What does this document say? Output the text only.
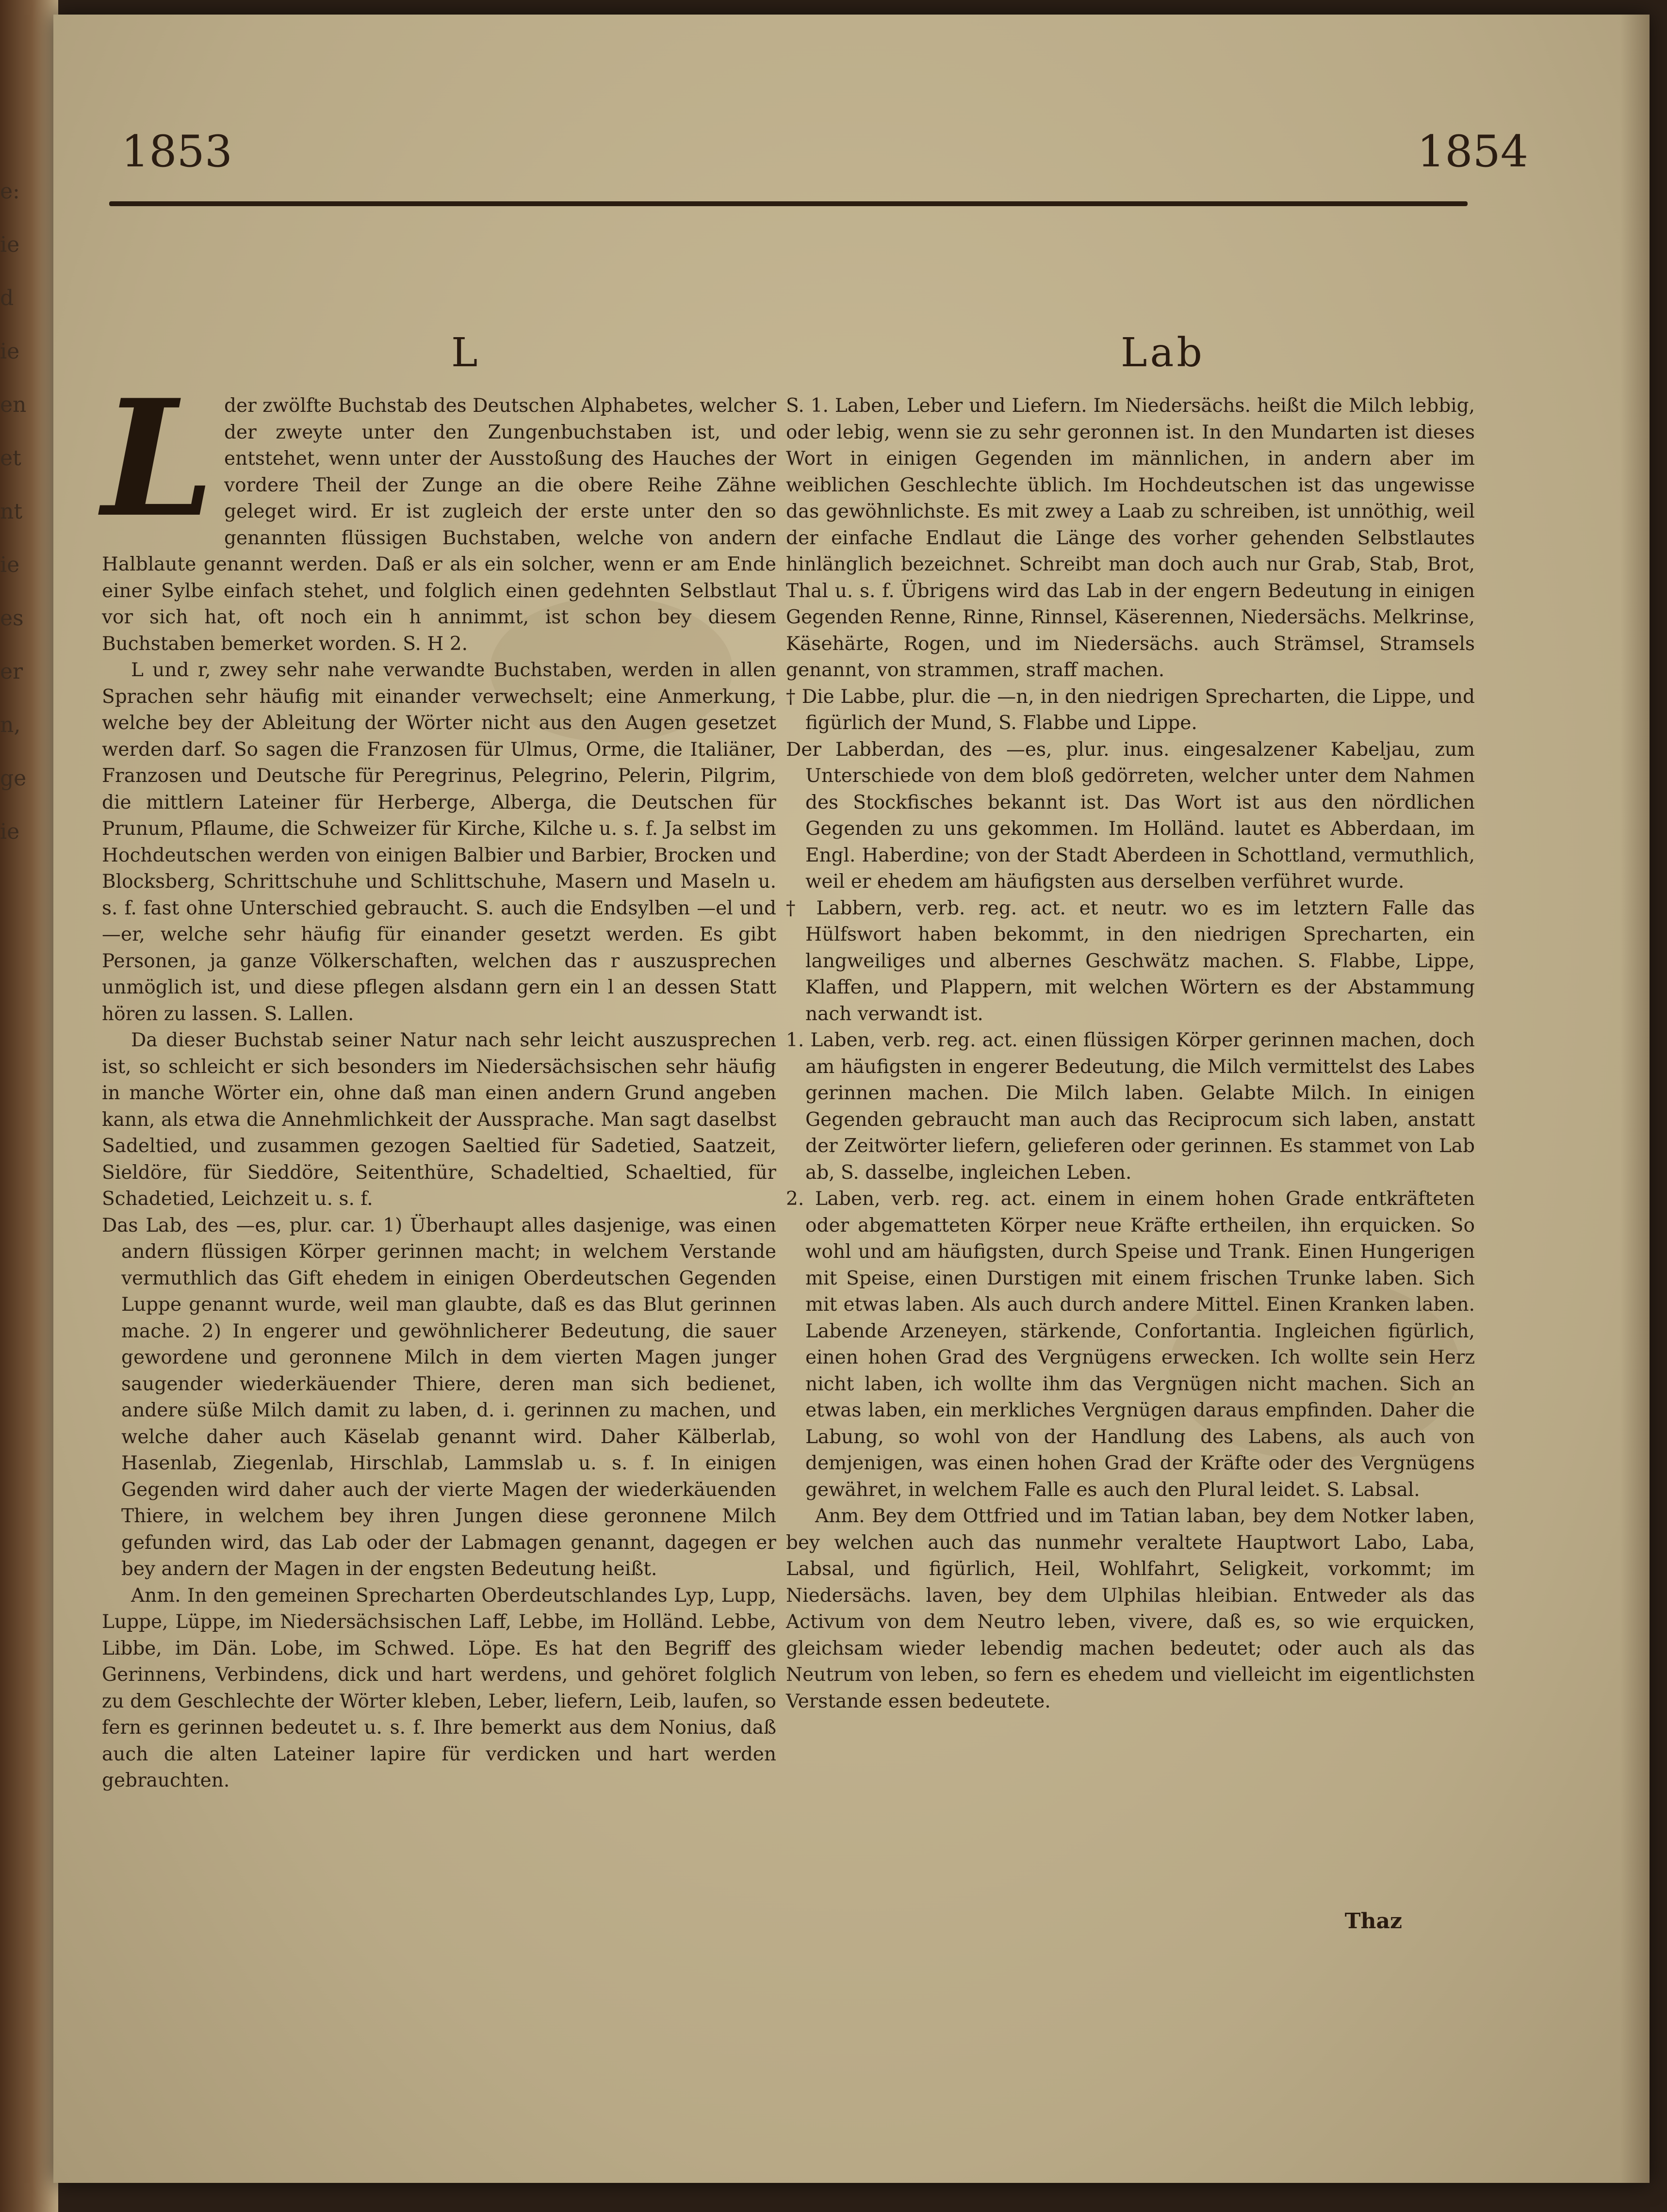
e:
ie
d
ie
en
et
nt
ie
es
er
n,
ge
ie
1853	1854
L	Lab
L der zwölfte Buchstab des Deutschen Alphabetes, welcher der zweyte unter den Zungenbuchstaben ist, und entstehet, wenn unter der Ausstoßung des Hauches der vordere Theil der Zunge an die obere Reihe Zähne geleget wird. Er ist zugleich der erste unter den so genannten flüssigen Buchstaben, welche von andern Halblaute genannt werden. Daß er als ein solcher, wenn er am Ende einer Sylbe einfach stehet, und folglich einen gedehnten Selbstlaut vor sich hat, oft noch ein h annimmt, ist schon bey diesem Buchstaben bemerket worden. S. H 2.

L und r, zwey sehr nahe verwandte Buchstaben, werden in allen Sprachen sehr häufig mit einander verwechselt; eine Anmerkung, welche bey der Ableitung der Wörter nicht aus den Augen gesetzet werden darf. So sagen die Franzosen für Ulmus, Orme, die Italiäner, Franzosen und Deutsche für Peregrinus, Pelegrino, Pelerin, Pilgrim, die mittlern Lateiner für Herberge, Alberga, die Deutschen für Prunum, Pflaume, die Schweizer für Kirche, Kilche u. s. f. Ja selbst im Hochdeutschen werden von einigen Balbier und Barbier, Brocken und Blocksberg, Schrittschuhe und Schlittschuhe, Masern und Maseln u. s. f. fast ohne Unterschied gebraucht. S. auch die Endsylben —el und —er, welche sehr häufig für einander gesetzt werden. Es gibt Personen, ja ganze Völkerschaften, welchen das r auszusprechen unmöglich ist, und diese pflegen alsdann gern ein l an dessen Statt hören zu lassen. S. Lallen.

Da dieser Buchstab seiner Natur nach sehr leicht auszusprechen ist, so schleicht er sich besonders im Niedersächsischen sehr häufig in manche Wörter ein, ohne daß man einen andern Grund angeben kann, als etwa die Annehmlichkeit der Aussprache. Man sagt daselbst Sadeltied, und zusammen gezogen Saeltied für Sadetied, Saatzeit, Sieldöre, für Sieddöre, Seitenthüre, Schadeltied, Schaeltied, für Schadetied, Leichzeit u. s. f.

Das Lab, des —es, plur. car. 1) Überhaupt alles dasjenige, was einen andern flüssigen Körper gerinnen macht; in welchem Verstande vermuthlich das Gift ehedem in einigen Oberdeutschen Gegenden Luppe genannt wurde, weil man glaubte, daß es das Blut gerinnen mache. 2) In engerer und gewöhnlicherer Bedeutung, die sauer gewordene und geronnene Milch in dem vierten Magen junger saugender wiederkäuender Thiere, deren man sich bedienet, andere süße Milch damit zu laben, d. i. gerinnen zu machen, und welche daher auch Käselab genannt wird. Daher Kälberlab, Hasenlab, Ziegenlab, Hirschlab, Lammslab u. s. f. In einigen Gegenden wird daher auch der vierte Magen der wiederkäuenden Thiere, in welchem bey ihren Jungen diese geronnene Milch gefunden wird, das Lab oder der Labmagen genannt, dagegen er bey andern der Magen in der engsten Bedeutung heißt.

Anm. In den gemeinen Sprecharten Oberdeutschlandes Lyp, Lupp, Luppe, Lüppe, im Niedersächsischen Laff, Lebbe, im Holländ. Lebbe, Libbe, im Dän. Lobe, im Schwed. Löpe. Es hat den Begriff des Gerinnens, Verbindens, dick und hart werdens, und gehöret folglich zu dem Geschlechte der Wörter kleben, Leber, liefern, Leib, laufen, so fern es gerinnen bedeutet u. s. f. Ihre bemerkt aus dem Nonius, daß auch die alten Lateiner lapire für verdicken und hart werden gebrauchten.

S. 1. Laben, Leber und Liefern. Im Niedersächs. heißt die Milch lebbig, oder lebig, wenn sie zu sehr geronnen ist. In den Mundarten ist dieses Wort in einigen Gegenden im männlichen, in andern aber im weiblichen Geschlechte üblich. Im Hochdeutschen ist das ungewisse das gewöhnlichste. Es mit zwey a Laab zu schreiben, ist unnöthig, weil der einfache Endlaut die Länge des vorher gehenden Selbstlautes hinlänglich bezeichnet. Schreibt man doch auch nur Grab, Stab, Brot, Thal u. s. f. Übrigens wird das Lab in der engern Bedeutung in einigen Gegenden Renne, Rinne, Rinnsel, Käserennen, Niedersächs. Melkrinse, Käsehärte, Rogen, und im Niedersächs. auch Strämsel, Stramsels genannt, von strammen, straff machen.

† Die Labbe, plur. die —n, in den niedrigen Sprecharten, die Lippe, und figürlich der Mund, S. Flabbe und Lippe.

Der Labberdan, des —es, plur. inus. eingesalzener Kabeljau, zum Unterschiede von dem bloß gedörreten, welcher unter dem Nahmen des Stockfisches bekannt ist. Das Wort ist aus den nördlichen Gegenden zu uns gekommen. Im Holländ. lautet es Abberdaan, im Engl. Haberdine; von der Stadt Aberdeen in Schottland, vermuthlich, weil er ehedem am häufigsten aus derselben verführet wurde.

† Labbern, verb. reg. act. et neutr. wo es im letztern Falle das Hülfswort haben bekommt, in den niedrigen Sprecharten, ein langweiliges und albernes Geschwätz machen. S. Flabbe, Lippe, Klaffen, und Plappern, mit welchen Wörtern es der Abstammung nach verwandt ist.

1. Laben, verb. reg. act. einen flüssigen Körper gerinnen machen, doch am häufigsten in engerer Bedeutung, die Milch vermittelst des Labes gerinnen machen. Die Milch laben. Gelabte Milch. In einigen Gegenden gebraucht man auch das Reciprocum sich laben, anstatt der Zeitwörter liefern, gelieferen oder gerinnen. Es stammet von Lab ab, S. dasselbe, ingleichen Leben.

2. Laben, verb. reg. act. einem in einem hohen Grade entkräfteten oder abgematteten Körper neue Kräfte ertheilen, ihn erquicken. So wohl und am häufigsten, durch Speise und Trank. Einen Hungerigen mit Speise, einen Durstigen mit einem frischen Trunke laben. Sich mit etwas laben. Als auch durch andere Mittel. Einen Kranken laben. Labende Arzeneyen, stärkende, Confortantia. Ingleichen figürlich, einen hohen Grad des Vergnügens erwecken. Ich wollte sein Herz nicht laben, ich wollte ihm das Vergnügen nicht machen. Sich an etwas laben, ein merkliches Vergnügen daraus empfinden. Daher die Labung, so wohl von der Handlung des Labens, als auch von demjenigen, was einen hohen Grad der Kräfte oder des Vergnügens gewähret, in welchem Falle es auch den Plural leidet. S. Labsal.

Anm. Bey dem Ottfried und im Tatian laban, bey dem Notker laben, bey welchen auch das nunmehr veraltete Hauptwort Labo, Laba, Labsal, und figürlich, Heil, Wohlfahrt, Seligkeit, vorkommt; im Niedersächs. laven, bey dem Ulphilas hleibian. Entweder als das Activum von dem Neutro leben, vivere, daß es, so wie erquicken, gleichsam wieder lebendig machen bedeutet; oder auch als das Neutrum von leben, so fern es ehedem und vielleicht im eigentlichsten Verstande essen bedeutete.

Thaz
